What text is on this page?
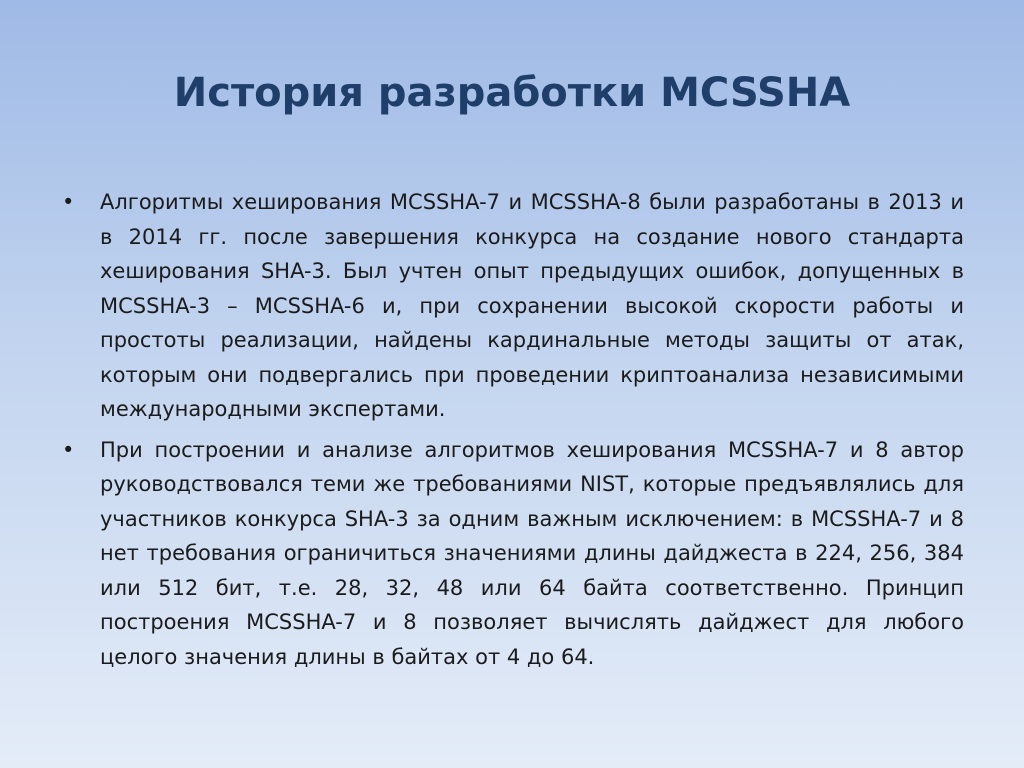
История разработки MCSSHA
•	Алгоритмы хеширования MCSSHA-7 и MCSSHA-8 были разработаны в 2013 и в 2014 гг. после завершения конкурса на создание нового стандарта хеширования SHA-3. Был учтен опыт предыдущих ошибок, допущенных в MCSSHA-3 – MCSSHA-6 и, при сохранении высокой скорости работы и простоты реализации, найдены кардинальные методы защиты от атак, которым они подвергались при проведении криптоанализа независимыми международными экспертами.
•	При построении и анализе алгоритмов хеширования MCSSHA-7 и 8 автор руководствовался теми же требованиями NIST, которые предъявлялись для участников конкурса SHA-3 за одним важным исключением: в MCSSHA-7 и 8 нет требования ограничиться значениями длины дайджеста в 224, 256, 384 или 512 бит, т.е. 28, 32, 48 или 64 байта соответственно. Принцип построения MCSSHA-7 и 8 позволяет вычислять дайджест для любого целого значения длины в байтах от 4 до 64.
